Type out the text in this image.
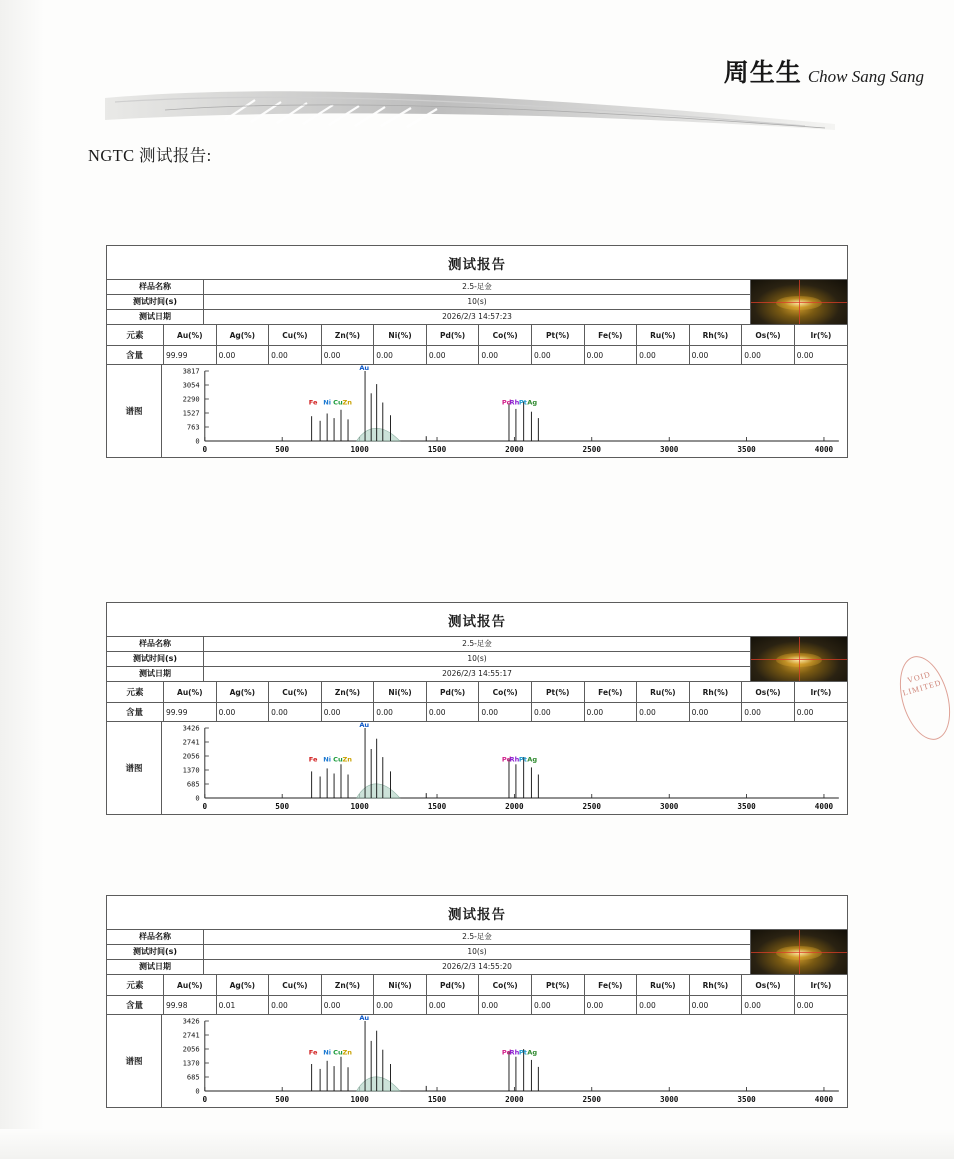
周生生 Chow Sang Sang
NGTC 测试报告:
VOID LIMITED
测试报告
样品名称	2.5-足金
测试时间(s)	10(s)
测试日期	2026/2/3 14:57:23
元素	Au(%)	Ag(%)	Cu(%)	Zn(%)	Ni(%)	Pd(%)	Co(%)	Pt(%)	Fe(%)	Ru(%)	Rh(%)	Os(%)	Ir(%)
含量	99.99	0.00	0.00	0.00	0.00	0.00	0.00	0.00	0.00	0.00	0.00	0.00	0.00
谱图
0
763
1527
2290
3054
3817
0	500	1000	1500	2000	2500	3000	3500	4000
Fe Ni Cu Zn
Au
Pd
Rh Pt Ag
测试报告
样品名称	2.5-足金
测试时间(s)	10(s)
测试日期	2026/2/3 14:55:17
元素	Au(%)	Ag(%)	Cu(%)	Zn(%)	Ni(%)	Pd(%)	Co(%)	Pt(%)	Fe(%)	Ru(%)	Rh(%)	Os(%)	Ir(%)
含量	99.99	0.00	0.00	0.00	0.00	0.00	0.00	0.00	0.00	0.00	0.00	0.00	0.00
谱图
0
685
1370
2056
2741
3426
0	500	1000	1500	2000	2500	3000	3500	4000
Fe Ni Cu Zn
Au
Pd
Rh Pt Ag
测试报告
样品名称	2.5-足金
测试时间(s)	10(s)
测试日期	2026/2/3 14:55:20
元素	Au(%)	Ag(%)	Cu(%)	Zn(%)	Ni(%)	Pd(%)	Co(%)	Pt(%)	Fe(%)	Ru(%)	Rh(%)	Os(%)	Ir(%)
含量	99.98	0.01	0.00	0.00	0.00	0.00	0.00	0.00	0.00	0.00	0.00	0.00	0.00
谱图
0
685
1370
2056
2741
3426
0	500	1000	1500	2000	2500	3000	3500	4000
Fe Ni Cu Zn
Au
Pd
Rh Pt Ag
